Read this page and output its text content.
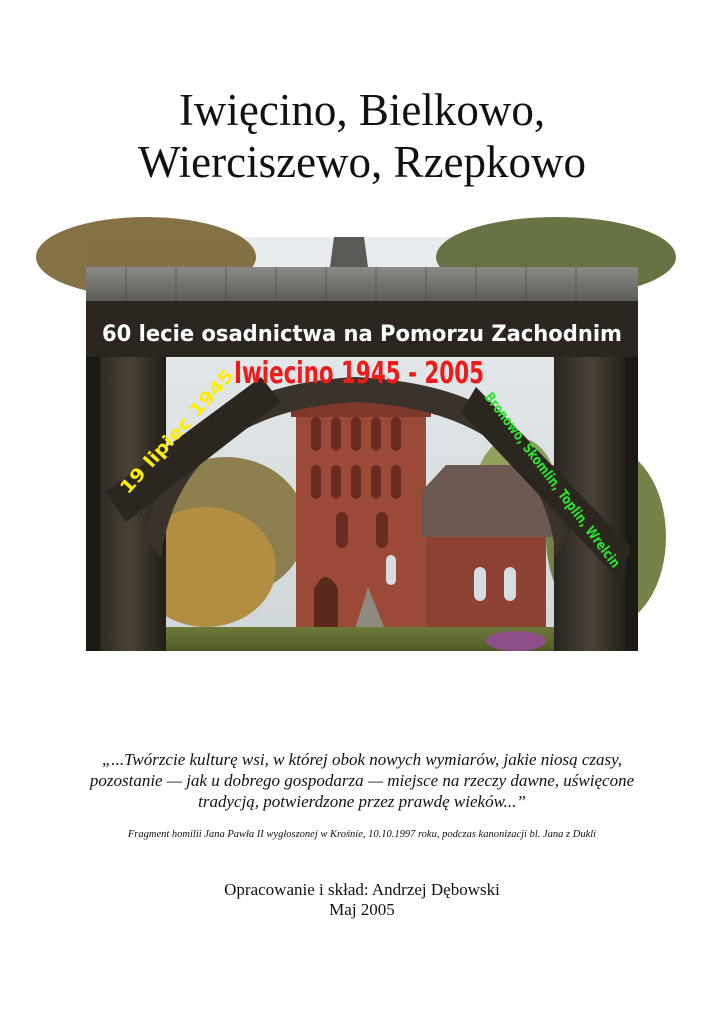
Iwięcino, Bielkowo,
Wierciszewo, Rzepkowo
60 lecie osadnictwa na Pomorzu Zachodnim
Iwiecino 1945 - 2005
19 lipiec 1945	Bronowo, Skomlin, Toplin, Wrelcin
„...Twórzcie kulturę wsi, w której obok nowych wymiarów, jakie niosą czasy,
pozostanie — jak u dobrego gospodarza — miejsce na rzeczy dawne, uświęcone
tradycją, potwierdzone przez prawdę wieków...”
Fragment homilii Jana Pawła II wygłoszonej w Krośnie, 10.10.1997 roku, podczas kanonizacji bl. Jana z Dukli
Opracowanie i skład: Andrzej Dębowski
Maj 2005
